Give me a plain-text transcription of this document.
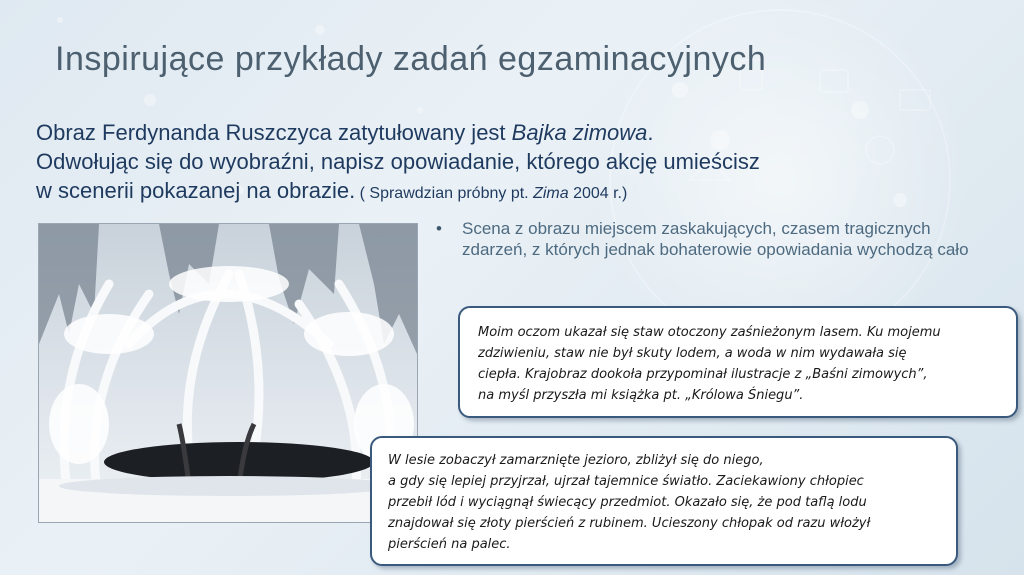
Inspirujące przykłady zadań egzaminacyjnych

Obraz Ferdynanda Ruszczyca zatytułowany jest Bajka zimowa.
Odwołując się do wyobraźni, napisz opowiadanie, którego akcję umieścisz
w scenerii pokazanej na obrazie. ( Sprawdzian próbny pt. Zima 2004 r.)

• Scena z obrazu miejscem zaskakujących, czasem tragicznych zdarzeń, z których jednak bohaterowie opowiadania wychodzą cało

Moim oczom ukazał się staw otoczony zaśnieżonym lasem. Ku mojemu
zdziwieniu, staw nie był skuty lodem, a woda w nim wydawała się
ciepła. Krajobraz dookoła przypominał ilustracje z „Baśni zimowych”,
na myśl przyszła mi książka pt. „Królowa Śniegu”.

W lesie zobaczył zamarznięte jezioro, zbliżył się do niego,
a gdy się lepiej przyjrzał, ujrzał tajemnice światło. Zaciekawiony chłopiec
przebił lód i wyciągnął świecący przedmiot. Okazało się, że pod taflą lodu
znajdował się złoty pierścień z rubinem. Ucieszony chłopak od razu włożył
pierścień na palec.
